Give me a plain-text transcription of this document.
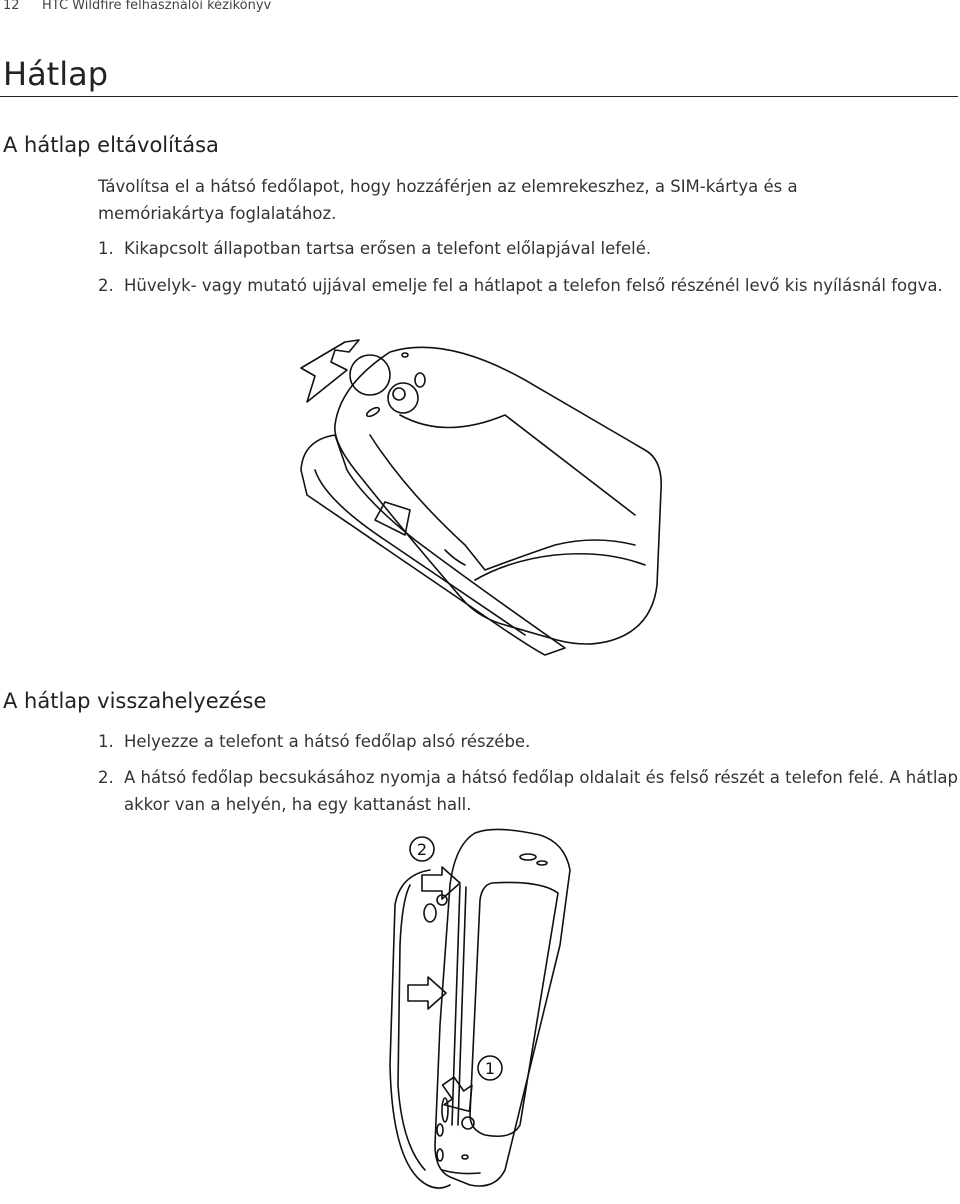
12 HTC Wildfire felhasználói kézikönyv
Hátlap
A hátlap eltávolítása

Távolítsa el a hátsó fedőlapot, hogy hozzáférjen az elemrekeszhez, a SIM-kártya és a memóriakártya foglalatához.

1. Kikapcsolt állapotban tartsa erősen a telefont előlapjával lefelé.
2. Hüvelyk- vagy mutató ujjával emelje fel a hátlapot a telefon felső részénél levő kis nyílásnál fogva.
A hátlap visszahelyezése
1. Helyezze a telefont a hátsó fedőlap alsó részébe.
2. A hátsó fedőlap becsukásához nyomja a hátsó fedőlap oldalait és felső részét a telefon felé. A hátlap akkor van a helyén, ha egy kattanást hall.
2
1
